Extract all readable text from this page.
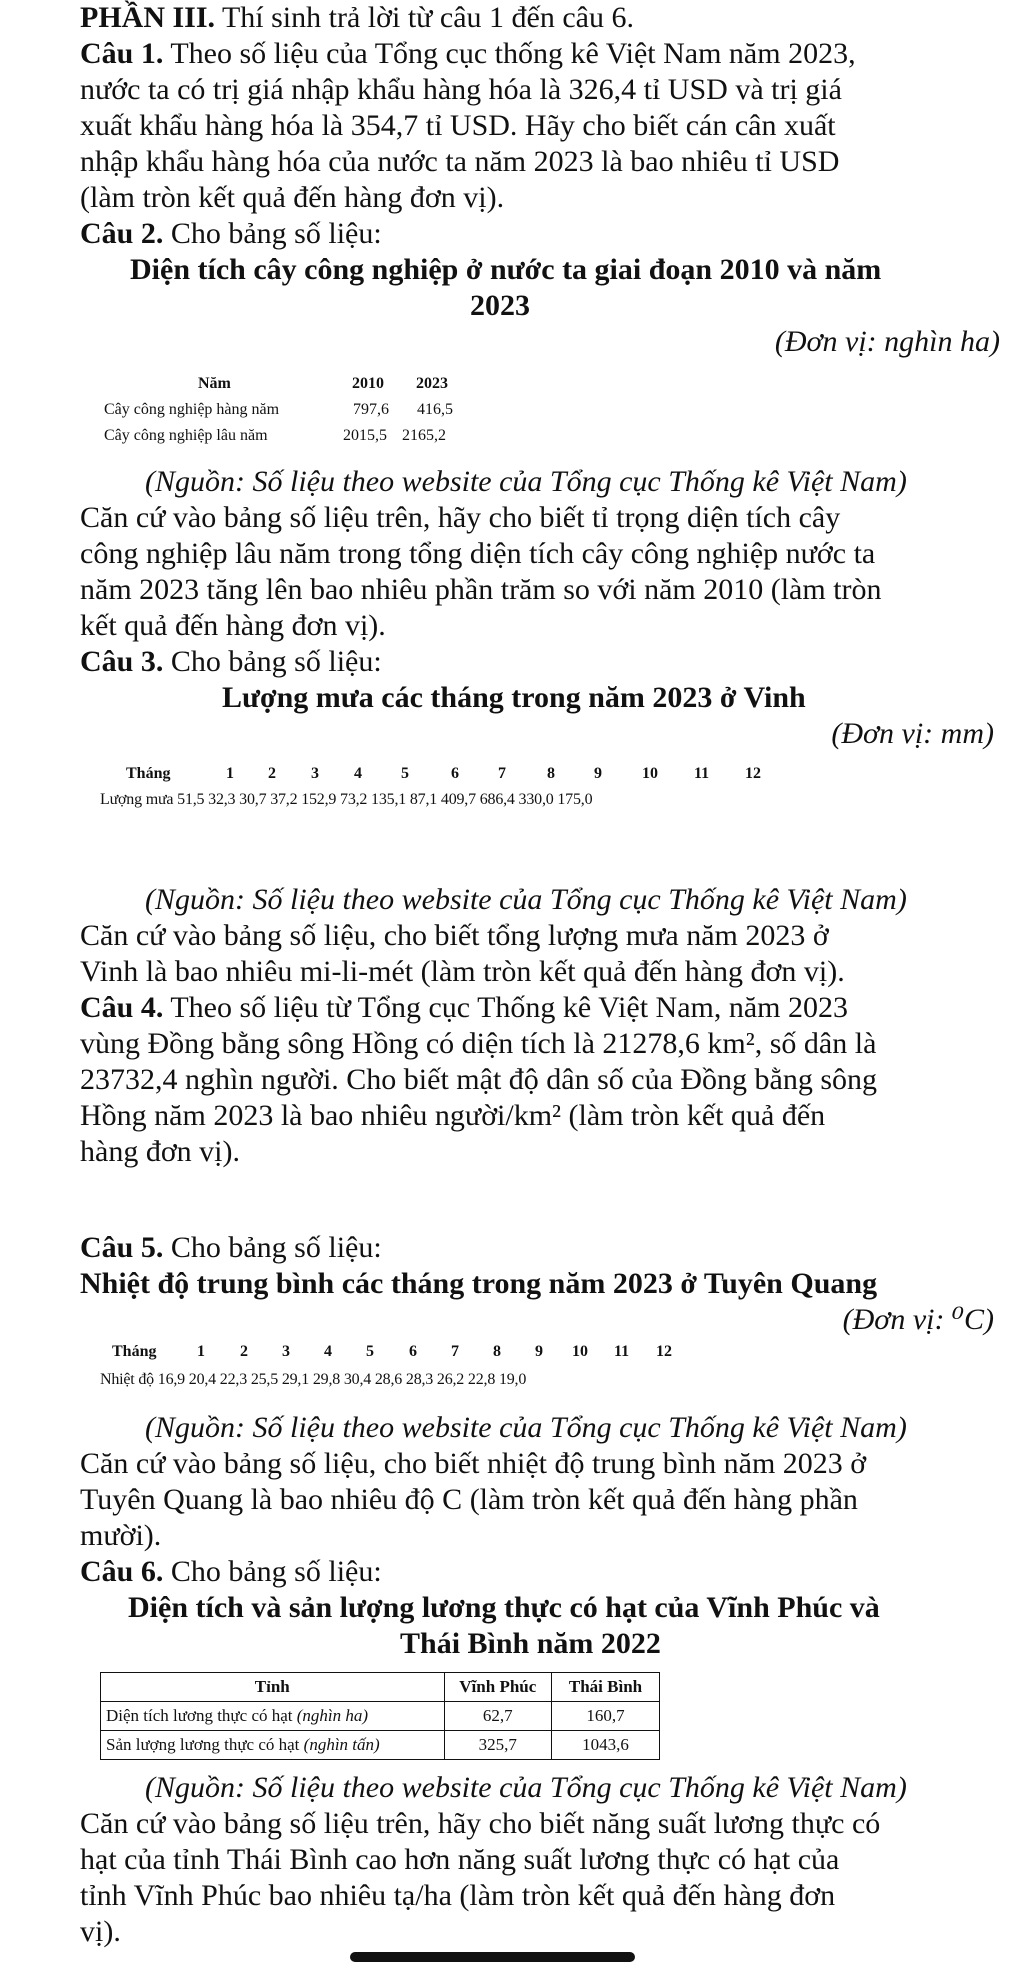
PHẦN III. Thí sinh trả lời từ câu 1 đến câu 6.
Câu 1. Theo số liệu của Tổng cục thống kê Việt Nam năm 2023,
nước ta có trị giá nhập khẩu hàng hóa là 326,4 tỉ USD và trị giá
xuất khẩu hàng hóa là 354,7 tỉ USD. Hãy cho biết cán cân xuất
nhập khẩu hàng hóa của nước ta năm 2023 là bao nhiêu tỉ USD
(làm tròn kết quả đến hàng đơn vị).
Câu 2. Cho bảng số liệu:
Diện tích cây công nghiệp ở nước ta giai đoạn 2010 và năm
2023
(Đơn vị: nghìn ha)
Năm	2010 2023
Cây công nghiệp hàng năm	797,6 416,5
Cây công nghiệp lâu năm	2015,5 2165,2
(Nguồn: Số liệu theo website của Tổng cục Thống kê Việt Nam)
Căn cứ vào bảng số liệu trên, hãy cho biết tỉ trọng diện tích cây
công nghiệp lâu năm trong tổng diện tích cây công nghiệp nước ta
năm 2023 tăng lên bao nhiêu phần trăm so với năm 2010 (làm tròn
kết quả đến hàng đơn vị).
Câu 3. Cho bảng số liệu:
Lượng mưa các tháng trong năm 2023 ở Vinh
(Đơn vị: mm)
Tháng	1 2 3 4 5	6 7	8 9	10 11 12
Lượng mưa 51,5 32,3 30,7 37,2 152,9 73,2 135,1 87,1 409,7 686,4 330,0 175,0
(Nguồn: Số liệu theo website của Tổng cục Thống kê Việt Nam)
Căn cứ vào bảng số liệu, cho biết tổng lượng mưa năm 2023 ở
Vinh là bao nhiêu mi-li-mét (làm tròn kết quả đến hàng đơn vị).
Câu 4. Theo số liệu từ Tổng cục Thống kê Việt Nam, năm 2023
vùng Đồng bằng sông Hồng có diện tích là 21278,6 km², số dân là
23732,4 nghìn người. Cho biết mật độ dân số của Đồng bằng sông
Hồng năm 2023 là bao nhiêu người/km² (làm tròn kết quả đến
hàng đơn vị).
Câu 5. Cho bảng số liệu:
Nhiệt độ trung bình các tháng trong năm 2023 ở Tuyên Quang
(Đơn vị: ⁰C)
Tháng	1 2 3 4 5 6 7 8 9 10 11 12
Nhiệt độ 16,9 20,4 22,3 25,5 29,1 29,8 30,4 28,6 28,3 26,2 22,8 19,0
(Nguồn: Số liệu theo website của Tổng cục Thống kê Việt Nam)
Căn cứ vào bảng số liệu, cho biết nhiệt độ trung bình năm 2023 ở
Tuyên Quang là bao nhiêu độ C (làm tròn kết quả đến hàng phần
mười).
Câu 6. Cho bảng số liệu:
Diện tích và sản lượng lương thực có hạt của Vĩnh Phúc và
Thái Bình năm 2022
Tỉnh	Vĩnh Phúc	Thái Bình
Diện tích lương thực có hạt (nghìn ha)	62,7	160,7
Sản lượng lương thực có hạt (nghìn tấn)	325,7	1043,6
(Nguồn: Số liệu theo website của Tổng cục Thống kê Việt Nam)
Căn cứ vào bảng số liệu trên, hãy cho biết năng suất lương thực có
hạt của tỉnh Thái Bình cao hơn năng suất lương thực có hạt của
tỉnh Vĩnh Phúc bao nhiêu tạ/ha (làm tròn kết quả đến hàng đơn
vị).
